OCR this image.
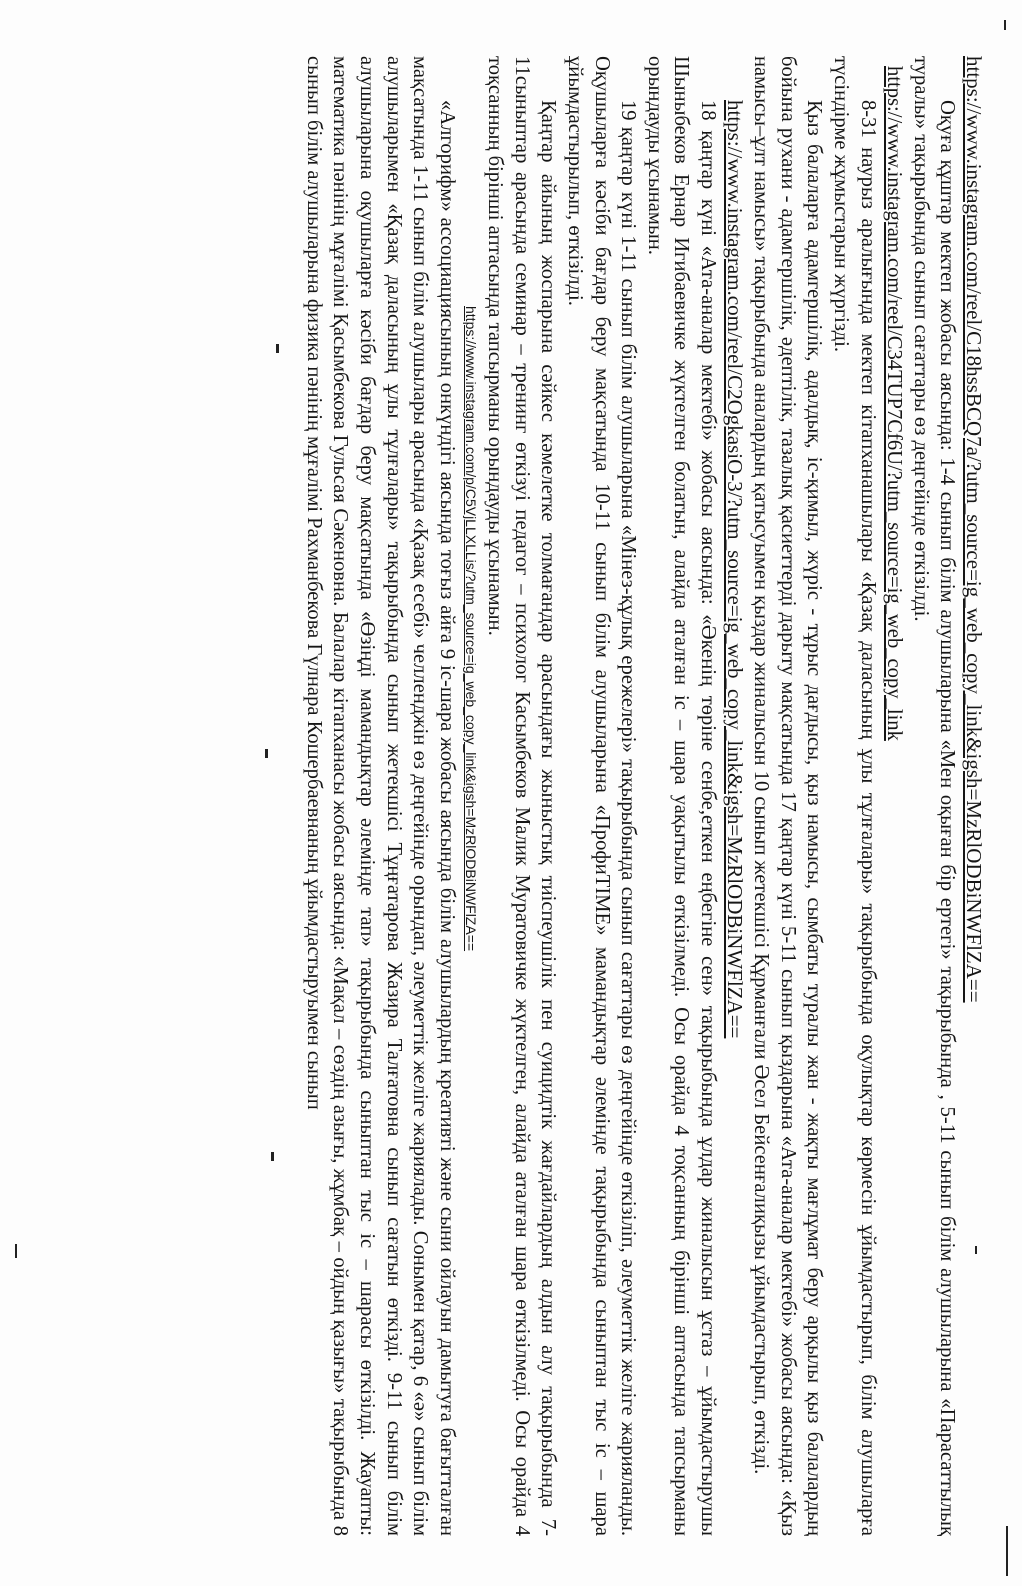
https://www.instagram.com/reel/C18hssBCQ7a/?utm_source=ig_web_copy_link&igsh=MzRlODBiNWFlZA==

Оқуға құштар мектеп жобасы аясында: 1-4 сынып білім алушыларына «Мен оқыған бір ертегі» тақырыбында , 5-11 сынып білім алушыларына «Парасаттылық туралы» тақырыбында сынып сағаттары өз деңгейінде өткізілді.

https://www.instagram.com/reel/C34TUP7Cf6U/?utm_source=ig_web_copy_link

8-31 наурыз аралығында мектеп кітапханашылары «Қазақ даласының ұлы тұлғалары» тақырыбында оқулықтар көрмесін ұйымдастырып, білім алушыларға түсіндірме жұмыстарын жүргізді.

Қыз балаларға адамгершілік, адалдық, іс-қимыл, жүріс - тұрыс дағдысы, қыз намысы, сымбаты туралы жан - жақты мағлұмат беру арқылы қыз балалардың бойына рухани - адамгершілік, әдептілік, тазалық қасиеттерді дарыту мақсатында 17 қаңтар күні 5-11 сынып қыздарына «Ата-аналар мектебі» жобасы аясында: «Қыз намысы–ұлт намысы» тақырыбында аналардың қатысуымен қыздар жиналысын 10 сынып жетекшісі Құрманғали Әсел Бейсенғалиқызы ұйымдастырып, өткізді.

https://www.instagram.com/reel/C2OgkasiO-3/?utm_source=ig_web_copy_link&igsh=MzRlODBiNWFlZA==

18 қаңтар күні «Ата-аналар мектебі» жобасы аясында: «Әкенің төріне сенбе,еткен еңбегіне сен» тақырыбында ұлдар жиналысын ұстаз – ұйымдастырушы Шыныбеков Ернар Игибаевичке жүктелген болатын, алайда аталған іс – шара уақытылы өткізілмеді. Осы орайда 4 тоқсанның бірінші аптасында тапсырманы орындауды ұсынамын.

19 қаңтар күні 1-11 сынып білім алушыларына «Мінез-құлық ережелері» тақырыбында сынып сағаттары өз деңгейінде өткізіліп, әлеуметтік желіге жарияланды. Оқушыларға кәсіби бағдар беру мақсатында 10-11 сынып білім алушыларына «ПрофиTIME» мамандықтар әлемінде тақырыбында сыныптан тыс іс – шара ұйымдастырылып, өткізілді.

Қаңтар айының жоспарына сәйкес кәмелетке толмағандар арасындағы жыныстық тиіспеушілік пен суицидтік жағдайлардың алдын алу тақырыбында 7-11сыныптар арасында семинар – тренинг өткізуі педагог – психолог Касымбеков Малик Муратовичке жүктелген, алайда аталған шара өткізілмеді. Осы орайда 4 тоқсанның бірінші аптасында тапсырманы орындауды ұсынамын.

https://www.instagram.com/p/C5VjLLXLLis/?utm_source=ig_web_copy_link&igsh=MzRlODBiNWFlZA==

«Алгорифм» ассоциациясының онкүндігі аясында тоғыз айға 9 іс-шара жобасы аясында білім алушылардың креативті және сыни ойлауын дамытуға бағытталған мақсатында 1-11 сынып білім алушылары арасында «Қазақ есебі» челленджін өз деңгейінде орындап, әлеуметтік желіге жариялады. Сонымен қатар, 6 «ә» сынып білім алушыларымен «Қазақ даласының ұлы тұлғалары» тақырыбында сынып жетекшісі Тұңғатарова Жазира Талғатовна сынып сағатын өткізді. 9-11 сынып білім алушыларына оқушыларға кәсіби бағдар беру мақсатында «Өзіңді мамандықтар әлемінде тап» тақырыбында сыныптан тыс іс – шарасы өткізілді. Жауапты: математика пәнінің мұғалімі Қасымбекова Гульсая Сәкеновна. Балалар кітапханасы жобасы аясында: «Мақал – сөздің азығы, жұмбақ – ойдың қазығы» тақырыбында 8 сынып білім алушыларына физика пәнінің мұғалімі Рахманбекова Гүлнара Кошербаевнаның ұйымдастыруымен сынып
